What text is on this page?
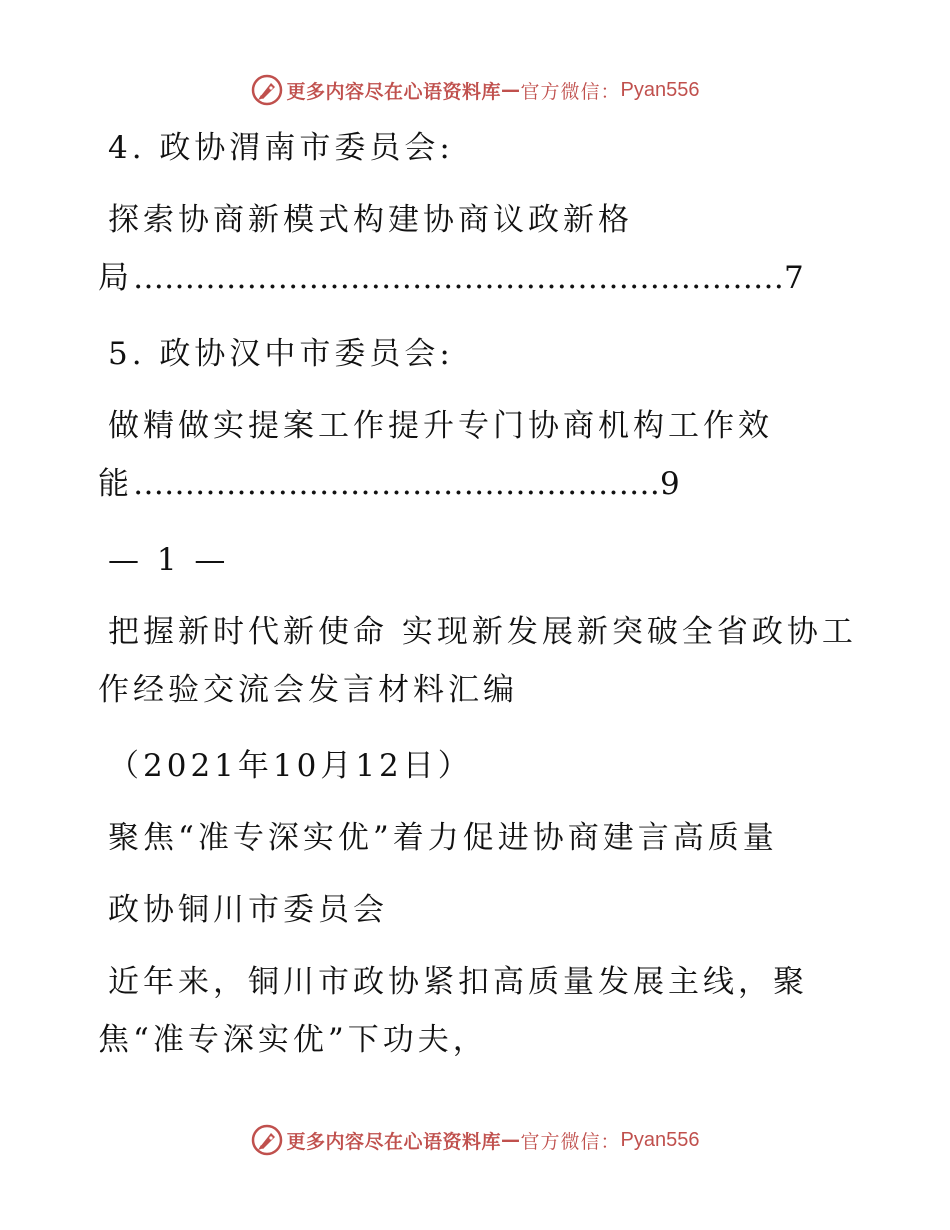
更多内容尽在心语资料库 — 官方微信： Pyan556
4. 政协渭南市委员会:
探索协商新模式构建协商议政新格
局………………………………………………………7
5. 政协汉中市委员会:
做精做实提案工作提升专门协商机构工作效
能……………………………………………9
— 1 —
把握新时代新使命 实现新发展新突破全省政协工
作经验交流会发言材料汇编
（2021年10月12日）
聚焦“准专深实优”着力促进协商建言高质量
政协铜川市委员会
近年来，铜川市政协紧扣高质量发展主线，聚
焦“准专深实优”下功夫，
更多内容尽在心语资料库 — 官方微信： Pyan556
